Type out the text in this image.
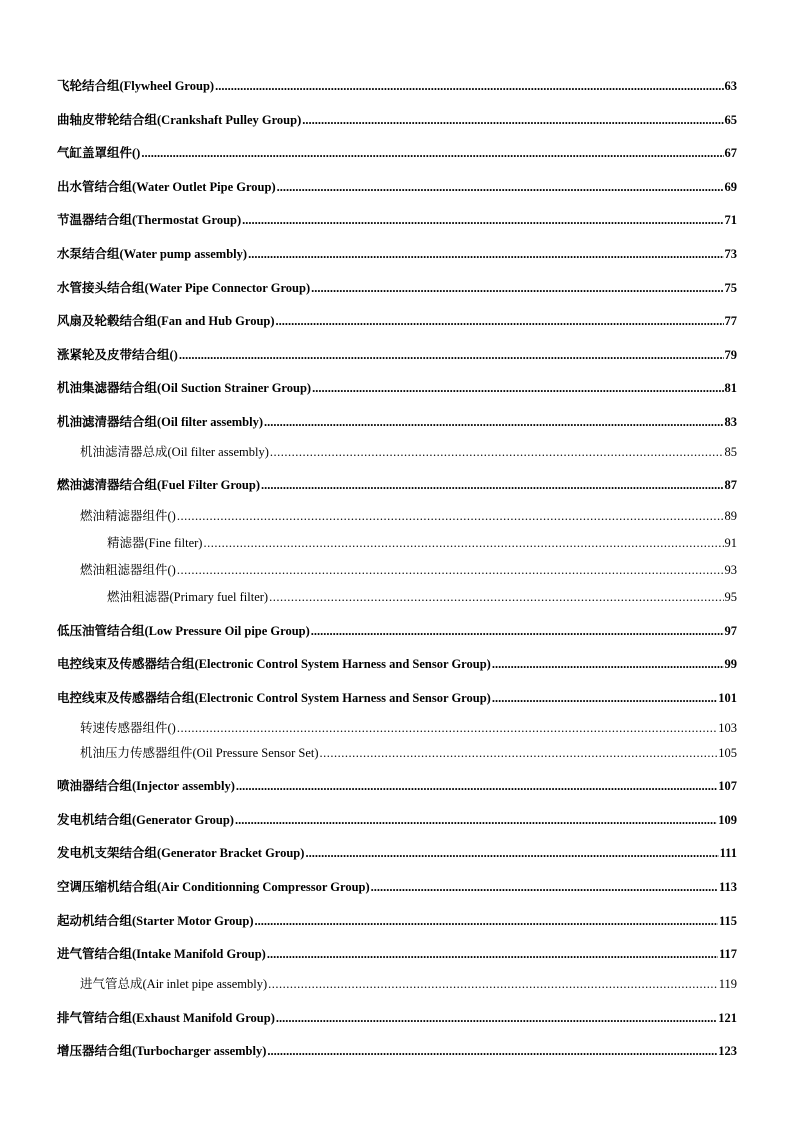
飞轮结合组(Flywheel Group) .....	63
曲轴皮带轮结合组(Crankshaft Pulley Group) .....	65
气缸盖罩组件() .....	67
出水管结合组(Water Outlet Pipe Group) .....	69
节温器结合组(Thermostat Group) .....	71
水泵结合组(Water pump assembly) .....	73
水管接头结合组(Water Pipe Connector Group) .....	75
风扇及轮毂结合组(Fan and Hub Group) .....	77
涨紧轮及皮带结合组() .....	79
机油集滤器结合组(Oil Suction Strainer Group) .....	81
机油滤清器结合组(Oil filter assembly) .....	83
机油滤清器总成(Oil filter assembly) .....	85
燃油滤清器结合组(Fuel Filter Group) .....	87
燃油精滤器组件() .....	89
精滤器(Fine filter) .....	91
燃油粗滤器组件() .....	93
燃油粗滤器(Primary fuel filter) .....	95
低压油管结合组(Low Pressure Oil pipe Group) .....	97
电控线束及传感器结合组(Electronic Control System Harness and Sensor Group) .....	99
电控线束及传感器结合组(Electronic Control System Harness and Sensor Group) .....	101
转速传感器组件() .....	103
机油压力传感器组件(Oil Pressure Sensor Set) .....	105
喷油器结合组(Injector assembly) .....	107
发电机结合组(Generator Group) .....	109
发电机支架结合组(Generator Bracket Group) .....	111
空调压缩机结合组(Air Conditionning Compressor Group) .....	113
起动机结合组(Starter Motor Group) .....	115
进气管结合组(Intake Manifold Group) .....	117
进气管总成(Air inlet pipe assembly) .....	119
排气管结合组(Exhaust Manifold Group) .....	121
增压器结合组(Turbocharger assembly) .....	123
